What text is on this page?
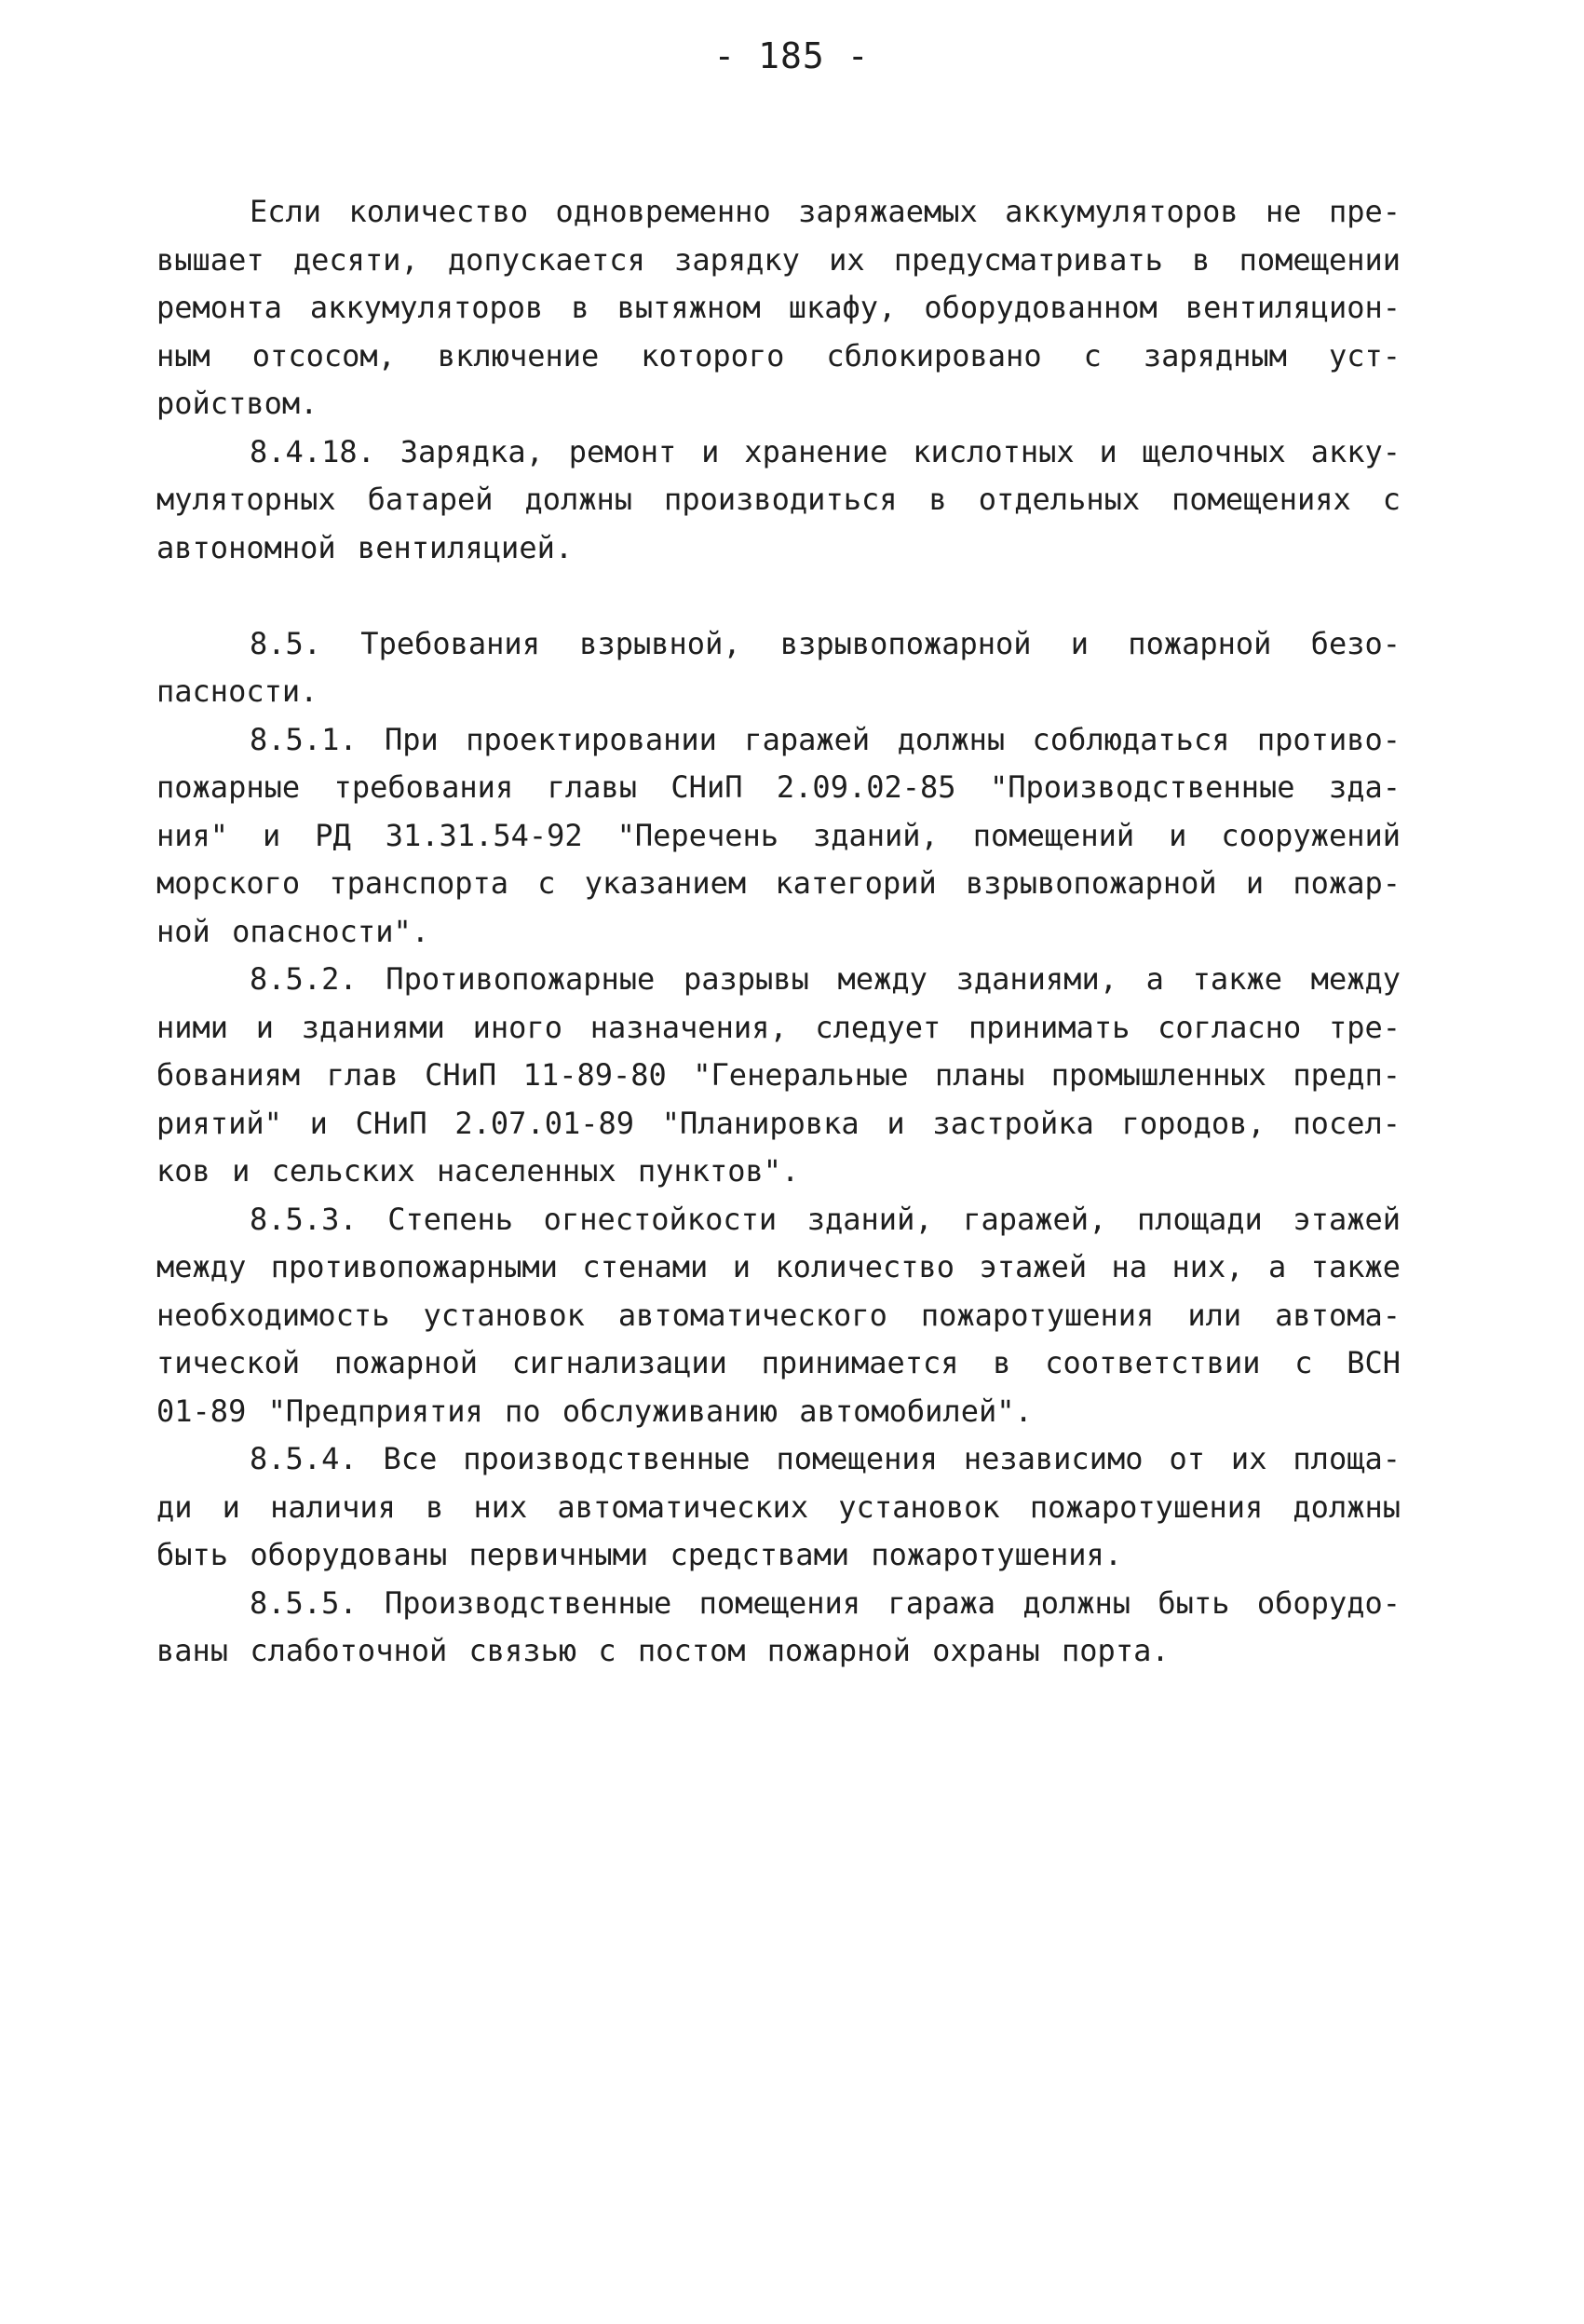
- 185 -
Если количество одновременно заряжаемых аккумуляторов не пре-
вышает десяти, допускается зарядку их предусматривать в помещении
ремонта аккумуляторов в вытяжном шкафу, оборудованном вентиляцион-
ным отсосом, включение которого сблокировано с зарядным уст-
ройством.
8.4.18. Зарядка, ремонт и хранение кислотных и щелочных акку-
муляторных батарей должны производиться в отдельных помещениях с
автономной вентиляцией.
8.5. Требования взрывной, взрывопожарной и пожарной безо-
пасности.
8.5.1. При проектировании гаражей должны соблюдаться противо-
пожарные требования главы СНиП 2.09.02-85 "Производственные зда-
ния" и РД 31.31.54-92 "Перечень зданий, помещений и сооружений
морского транспорта с указанием категорий взрывопожарной и пожар-
ной опасности".
8.5.2. Противопожарные разрывы между зданиями, а также между
ними и зданиями иного назначения, следует принимать согласно тре-
бованиям глав СНиП 11-89-80 "Генеральные планы промышленных предп-
риятий" и СНиП 2.07.01-89 "Планировка и застройка городов, посел-
ков и сельских населенных пунктов".
8.5.3. Степень огнестойкости зданий, гаражей, площади этажей
между противопожарными стенами и количество этажей на них, а также
необходимость установок автоматического пожаротушения или автома-
тической пожарной сигнализации принимается в соответствии с ВСН
01-89 "Предприятия по обслуживанию автомобилей".
8.5.4. Все производственные помещения независимо от их площа-
ди и наличия в них автоматических установок пожаротушения должны
быть оборудованы первичными средствами пожаротушения.
8.5.5. Производственные помещения гаража должны быть оборудо-
ваны слаботочной связью с постом пожарной охраны порта.
